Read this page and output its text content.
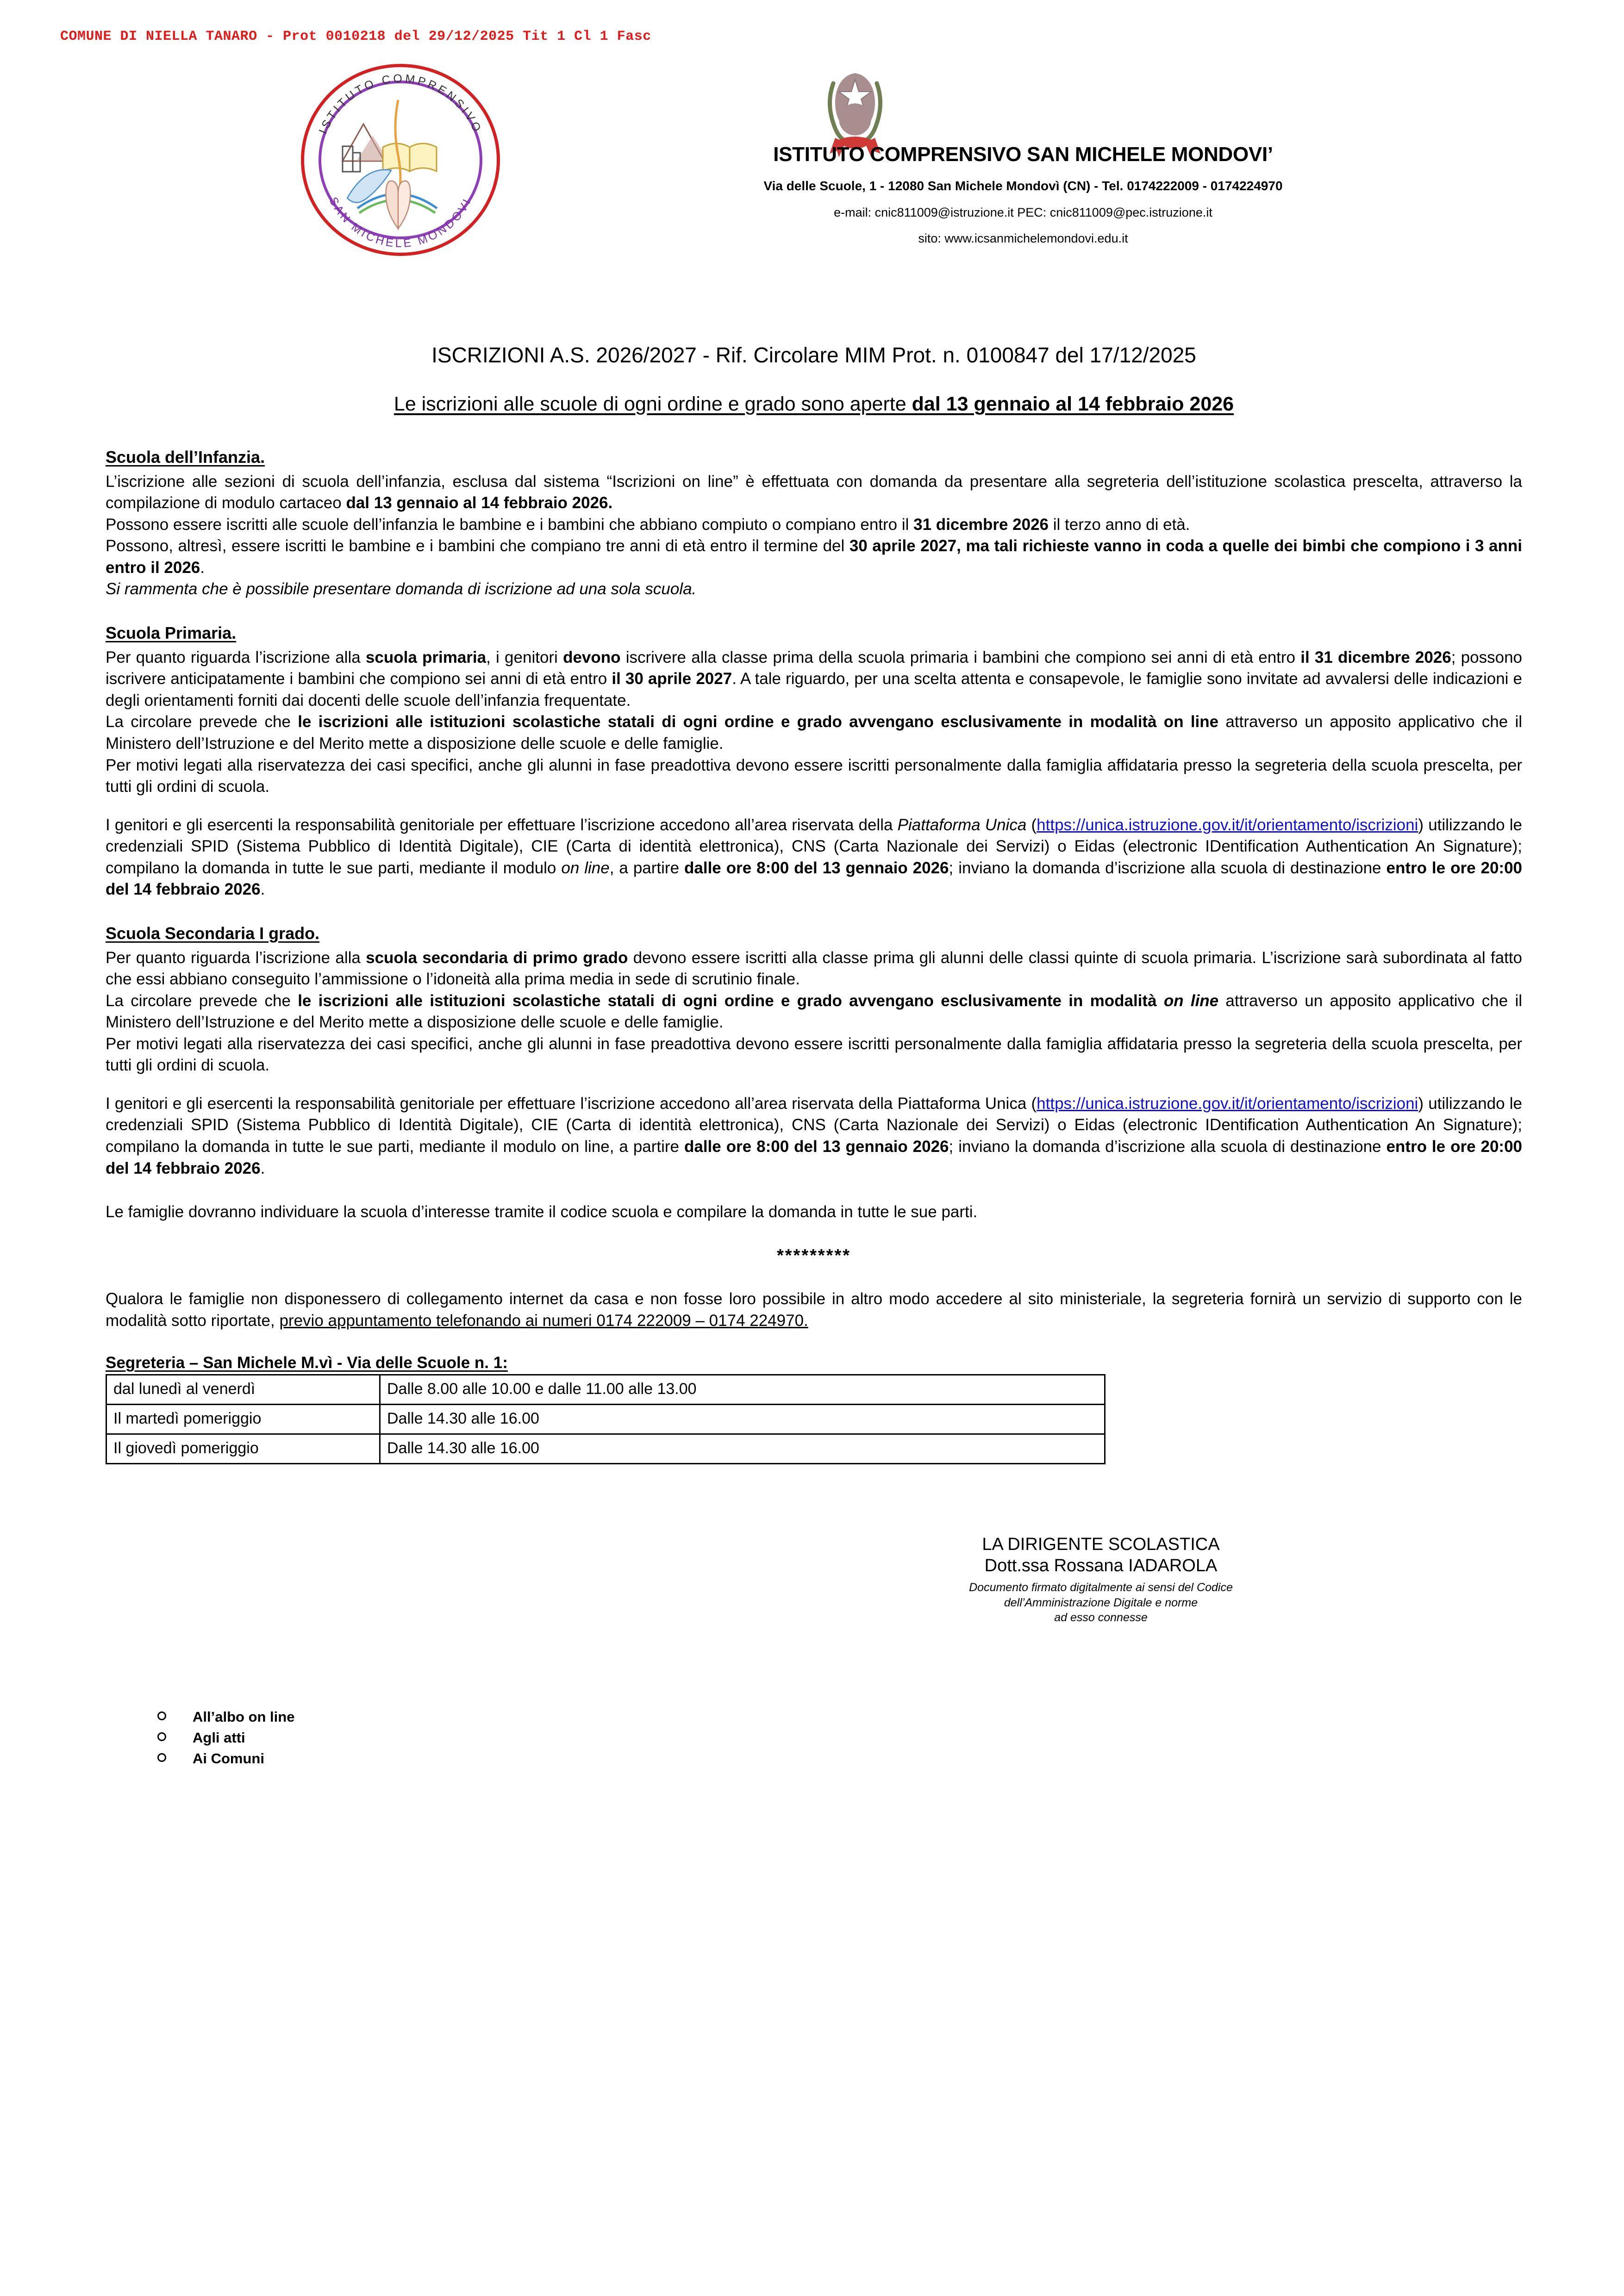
COMUNE DI NIELLA TANARO - Prot 0010218 del 29/12/2025 Tit 1 Cl 1 Fasc
ISTITUTO COMPRENSIVO
SAN MICHELE MONDOVI
ISTITUTO COMPRENSIVO SAN MICHELE MONDOVI’
Via delle Scuole, 1 - 12080 San Michele Mondovì (CN) - Tel. 0174222009 - 0174224970
e-mail: cnic811009@istruzione.it PEC: cnic811009@pec.istruzione.it
sito: www.icsanmichelemondovi.edu.it
ISCRIZIONI A.S. 2026/2027 - Rif. Circolare MIM Prot. n. 0100847 del 17/12/2025
Le iscrizioni alle scuole di ogni ordine e grado sono aperte dal 13 gennaio al 14 febbraio 2026
Scuola dell’Infanzia.

L’iscrizione alle sezioni di scuola dell’infanzia, esclusa dal sistema “Iscrizioni on line” è effettuata con domanda da presentare alla segreteria dell’istituzione scolastica prescelta, attraverso la compilazione di modulo cartaceo dal 13 gennaio al 14 febbraio 2026.

Possono essere iscritti alle scuole dell’infanzia le bambine e i bambini che abbiano compiuto o compiano entro il 31 dicembre 2026 il terzo anno di età.

Possono, altresì, essere iscritti le bambine e i bambini che compiano tre anni di età entro il termine del 30 aprile 2027, ma tali richieste vanno in coda a quelle dei bimbi che compiono i 3 anni entro il 2026.

Si rammenta che è possibile presentare domanda di iscrizione ad una sola scuola.

Scuola Primaria.

Per quanto riguarda l’iscrizione alla scuola primaria, i genitori devono iscrivere alla classe prima della scuola primaria i bambini che compiono sei anni di età entro il 31 dicembre 2026; possono iscrivere anticipatamente i bambini che compiono sei anni di età entro il 30 aprile 2027. A tale riguardo, per una scelta attenta e consapevole, le famiglie sono invitate ad avvalersi delle indicazioni e degli orientamenti forniti dai docenti delle scuole dell’infanzia frequentate.

La circolare prevede che le iscrizioni alle istituzioni scolastiche statali di ogni ordine e grado avvengano esclusivamente in modalità on line attraverso un apposito applicativo che il Ministero dell’Istruzione e del Merito mette a disposizione delle scuole e delle famiglie.

Per motivi legati alla riservatezza dei casi specifici, anche gli alunni in fase preadottiva devono essere iscritti personalmente dalla famiglia affidataria presso la segreteria della scuola prescelta, per tutti gli ordini di scuola.

I genitori e gli esercenti la responsabilità genitoriale per effettuare l’iscrizione accedono all’area riservata della Piattaforma Unica (https://unica.istruzione.gov.it/it/orientamento/iscrizioni) utilizzando le credenziali SPID (Sistema Pubblico di Identità Digitale), CIE (Carta di identità elettronica), CNS (Carta Nazionale dei Servizi) o Eidas (electronic IDentification Authentication An Signature); compilano la domanda in tutte le sue parti, mediante il modulo on line, a partire dalle ore 8:00 del 13 gennaio 2026; inviano la domanda d’iscrizione alla scuola di destinazione entro le ore 20:00 del 14 febbraio 2026.

Scuola Secondaria I grado.

Per quanto riguarda l’iscrizione alla scuola secondaria di primo grado devono essere iscritti alla classe prima gli alunni delle classi quinte di scuola primaria. L’iscrizione sarà subordinata al fatto che essi abbiano conseguito l’ammissione o l’idoneità alla prima media in sede di scrutinio finale.

La circolare prevede che le iscrizioni alle istituzioni scolastiche statali di ogni ordine e grado avvengano esclusivamente in modalità on line attraverso un apposito applicativo che il Ministero dell’Istruzione e del Merito mette a disposizione delle scuole e delle famiglie.

Per motivi legati alla riservatezza dei casi specifici, anche gli alunni in fase preadottiva devono essere iscritti personalmente dalla famiglia affidataria presso la segreteria della scuola prescelta, per tutti gli ordini di scuola.

I genitori e gli esercenti la responsabilità genitoriale per effettuare l’iscrizione accedono all’area riservata della Piattaforma Unica (https://unica.istruzione.gov.it/it/orientamento/iscrizioni) utilizzando le credenziali SPID (Sistema Pubblico di Identità Digitale), CIE (Carta di identità elettronica), CNS (Carta Nazionale dei Servizi) o Eidas (electronic IDentification Authentication An Signature); compilano la domanda in tutte le sue parti, mediante il modulo on line, a partire dalle ore 8:00 del 13 gennaio 2026; inviano la domanda d’iscrizione alla scuola di destinazione entro le ore 20:00 del 14 febbraio 2026.

Le famiglie dovranno individuare la scuola d’interesse tramite il codice scuola e compilare la domanda in tutte le sue parti.

*********

Qualora le famiglie non disponessero di collegamento internet da casa e non fosse loro possibile in altro modo accedere al sito ministeriale, la segreteria fornirà un servizio di supporto con le modalità sotto riportate, previo appuntamento telefonando ai numeri 0174 222009 – 0174 224970.

Segreteria – San Michele M.vì - Via delle Scuole n. 1:
dal lunedì al venerdì	Dalle 8.00 alle 10.00 e dalle 11.00 alle 13.00
Il martedì pomeriggio	Dalle 14.30 alle 16.00
Il giovedì pomeriggio	Dalle 14.30 alle 16.00
LA DIRIGENTE SCOLASTICA
Dott.ssa Rossana IADAROLA
Documento firmato digitalmente ai sensi del Codice
dell’Amministrazione Digitale e norme
ad esso connesse
All’albo on line
Agli atti
Ai Comuni
